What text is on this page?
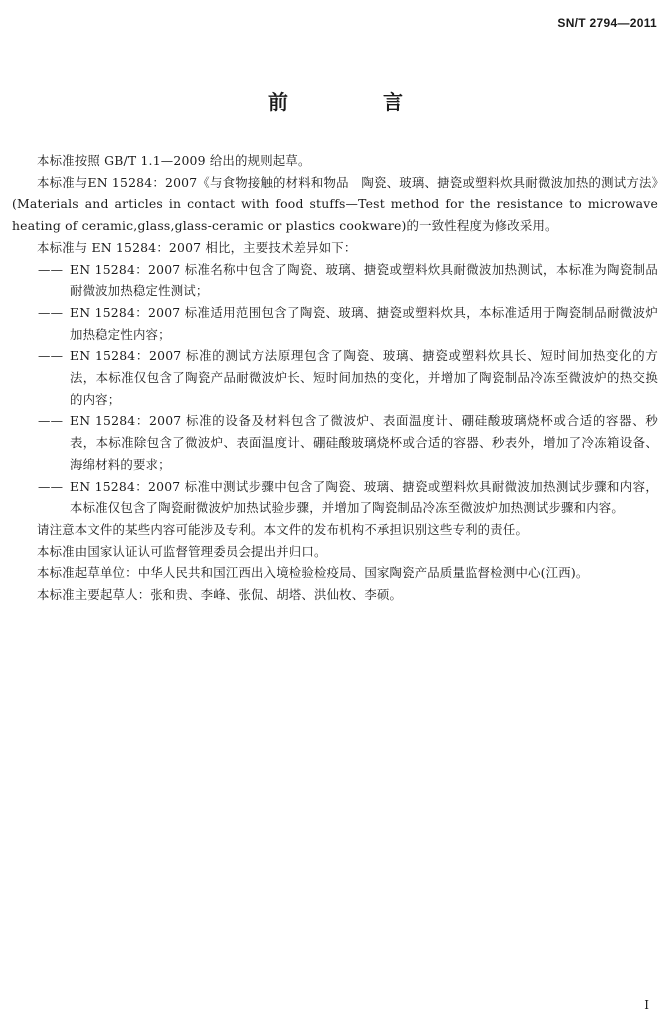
SN/T 2794—2011
前 言

本标准按照 GB/T 1.1—2009 给出的规则起草。

本标准与EN 15284：2007《与食物接触的材料和物品　陶瓷、玻璃、搪瓷或塑料炊具耐微波加热的测试方法》(Materials and articles in contact with food stuffs—Test method for the resistance to microwave heating of ceramic,glass,glass-ceramic or plastics cookware)的一致性程度为修改采用。

本标准与 EN 15284：2007 相比，主要技术差异如下：

—— EN 15284：2007 标准名称中包含了陶瓷、玻璃、搪瓷或塑料炊具耐微波加热测试，本标准为陶瓷制品耐微波加热稳定性测试；
—— EN 15284：2007 标准适用范围包含了陶瓷、玻璃、搪瓷或塑料炊具，本标准适用于陶瓷制品耐微波炉加热稳定性内容；
—— EN 15284：2007 标准的测试方法原理包含了陶瓷、玻璃、搪瓷或塑料炊具长、短时间加热变化的方法，本标准仅包含了陶瓷产品耐微波炉长、短时间加热的变化，并增加了陶瓷制品冷冻至微波炉的热交换的内容；
—— EN 15284：2007 标准的设备及材料包含了微波炉、表面温度计、硼硅酸玻璃烧杯或合适的容器、秒表，本标准除包含了微波炉、表面温度计、硼硅酸玻璃烧杯或合适的容器、秒表外，增加了冷冻箱设备、海绵材料的要求；
—— EN 15284：2007 标准中测试步骤中包含了陶瓷、玻璃、搪瓷或塑料炊具耐微波加热测试步骤和内容，本标准仅包含了陶瓷耐微波炉加热试验步骤，并增加了陶瓷制品冷冻至微波炉加热测试步骤和内容。

请注意本文件的某些内容可能涉及专利。本文件的发布机构不承担识别这些专利的责任。

本标准由国家认证认可监督管理委员会提出并归口。

本标准起草单位：中华人民共和国江西出入境检验检疫局、国家陶瓷产品质量监督检测中心(江西)。

本标准主要起草人：张和贵、李峰、张侃、胡塔、洪仙枚、李硕。

I
